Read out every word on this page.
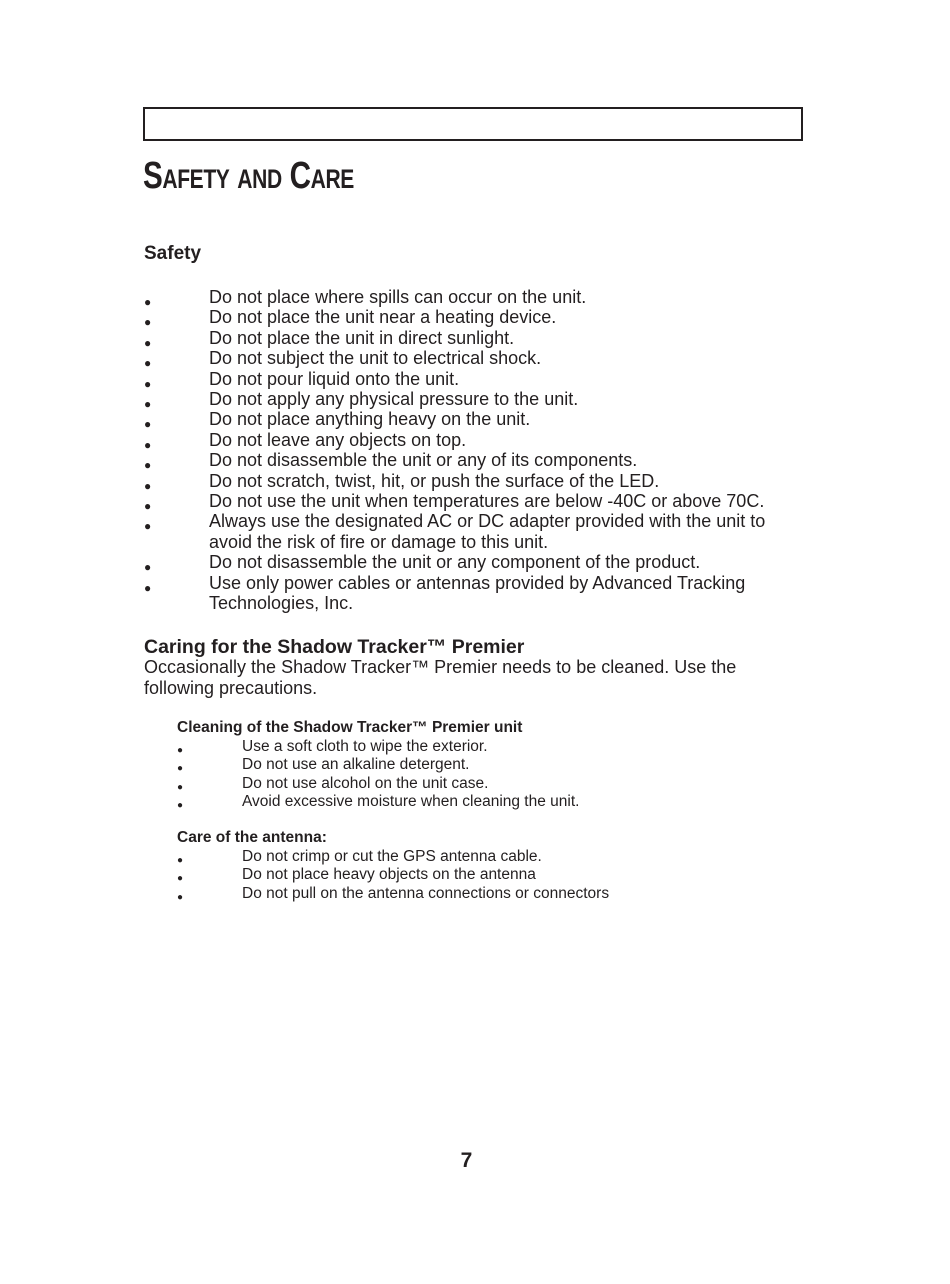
Safety and Care
Safety
●	Do not place where spills can occur on the unit.
●	Do not place the unit near a heating device.
●	Do not place the unit in direct sunlight.
●	Do not subject the unit to electrical shock.
●	Do not pour liquid onto the unit.
●	Do not apply any physical pressure to the unit.
●	Do not place anything heavy on the unit.
●	Do not leave any objects on top.
●	Do not disassemble the unit or any of its components.
●	Do not scratch, twist, hit, or push the surface of the LED.
●	Do not use the unit when temperatures are below -40C or above 70C.
●	Always use the designated AC or DC adapter provided with the unit to avoid the risk of fire or damage to this unit.
●	Do not disassemble the unit or any component of the product.
●	Use only power cables or antennas provided by Advanced Tracking Technologies, Inc.
Caring for the Shadow Tracker™ Premier

Occasionally the Shadow Tracker™ Premier needs to be cleaned. Use the following precautions.

Cleaning of the Shadow Tracker™ Premier unit
●	Use a soft cloth to wipe the exterior.
●	Do not use an alkaline detergent.
●	Do not use alcohol on the unit case.
●	Avoid excessive moisture when cleaning the unit.
Care of the antenna:
●	Do not crimp or cut the GPS antenna cable.
●	Do not place heavy objects on the antenna
●	Do not pull on the antenna connections or connectors

7
